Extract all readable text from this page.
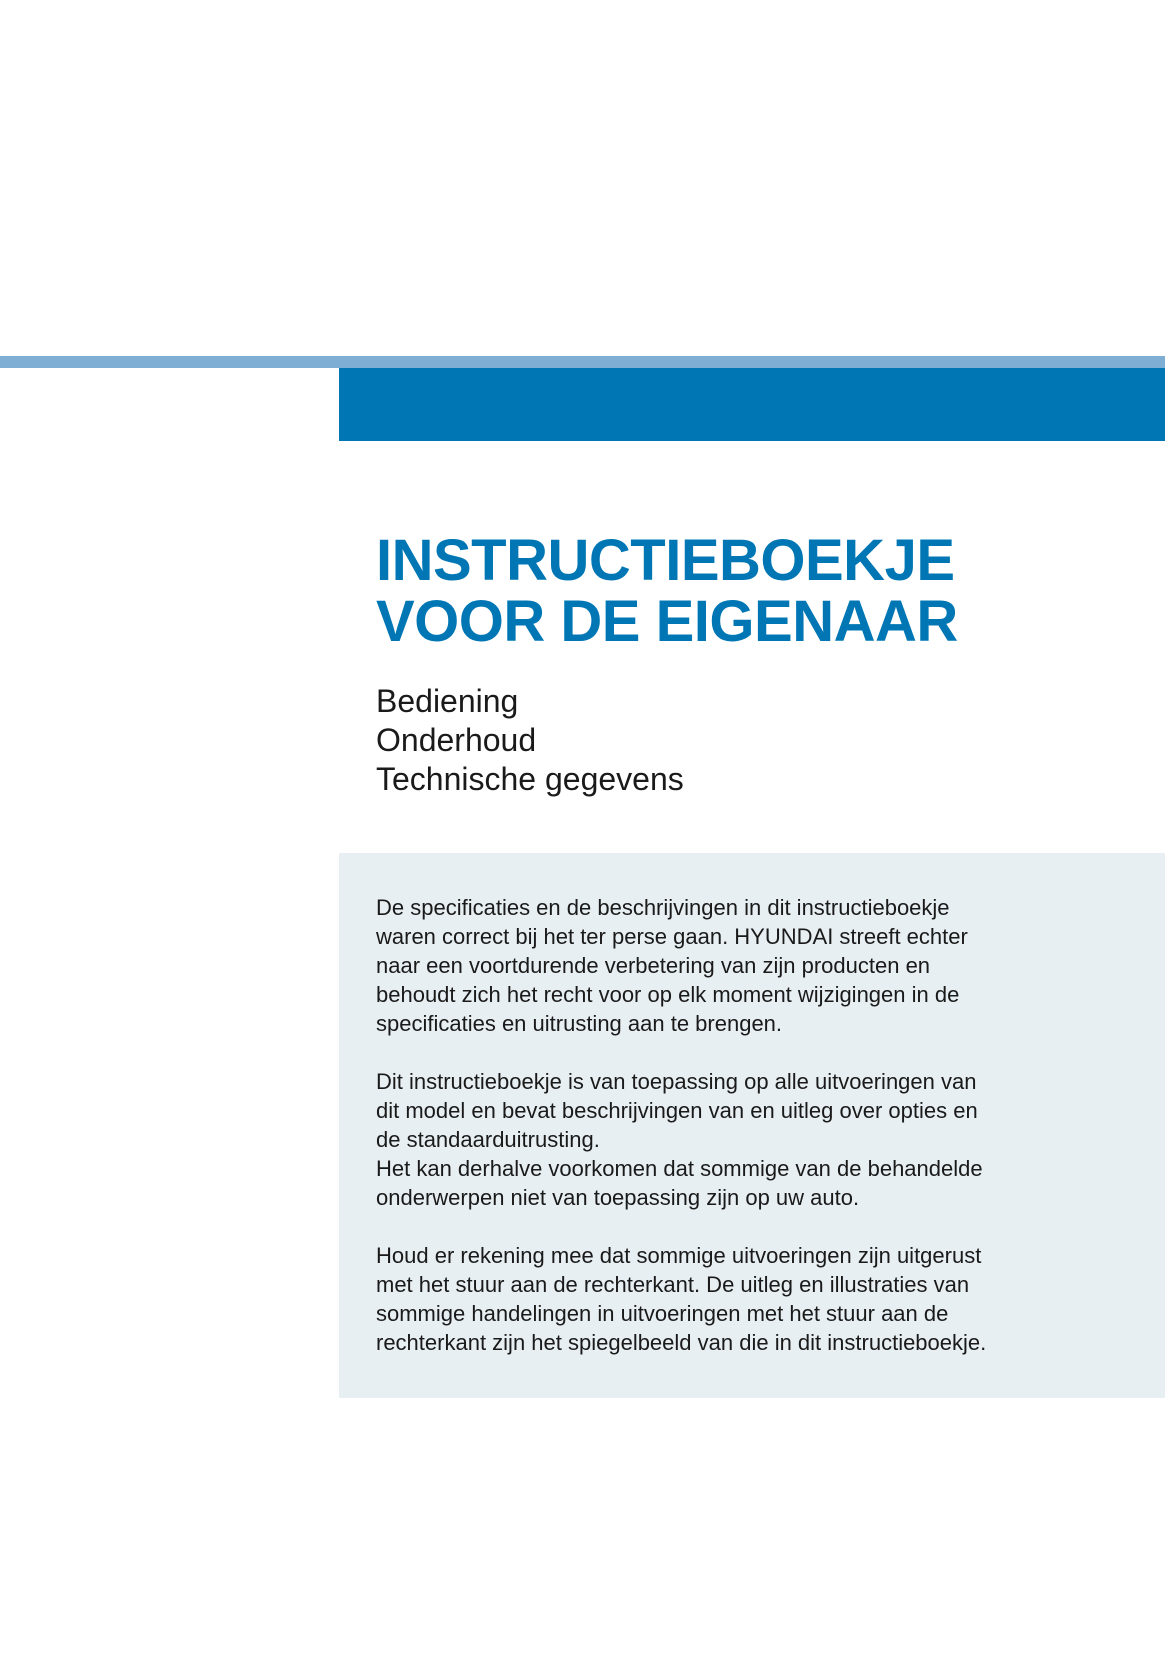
INSTRUCTIEBOEKJE
VOOR DE EIGENAAR
Bediening
Onderhoud
Technische gegevens

De specificaties en de beschrijvingen in dit instructieboekje
waren correct bij het ter perse gaan. HYUNDAI streeft echter
naar een voortdurende verbetering van zijn producten en
behoudt zich het recht voor op elk moment wijzigingen in de
specificaties en uitrusting aan te brengen.

Dit instructieboekje is van toepassing op alle uitvoeringen van
dit model en bevat beschrijvingen van en uitleg over opties en
de standaarduitrusting.
Het kan derhalve voorkomen dat sommige van de behandelde
onderwerpen niet van toepassing zijn op uw auto.

Houd er rekening mee dat sommige uitvoeringen zijn uitgerust
met het stuur aan de rechterkant. De uitleg en illustraties van
sommige handelingen in uitvoeringen met het stuur aan de
rechterkant zijn het spiegelbeeld van die in dit instructieboekje.
